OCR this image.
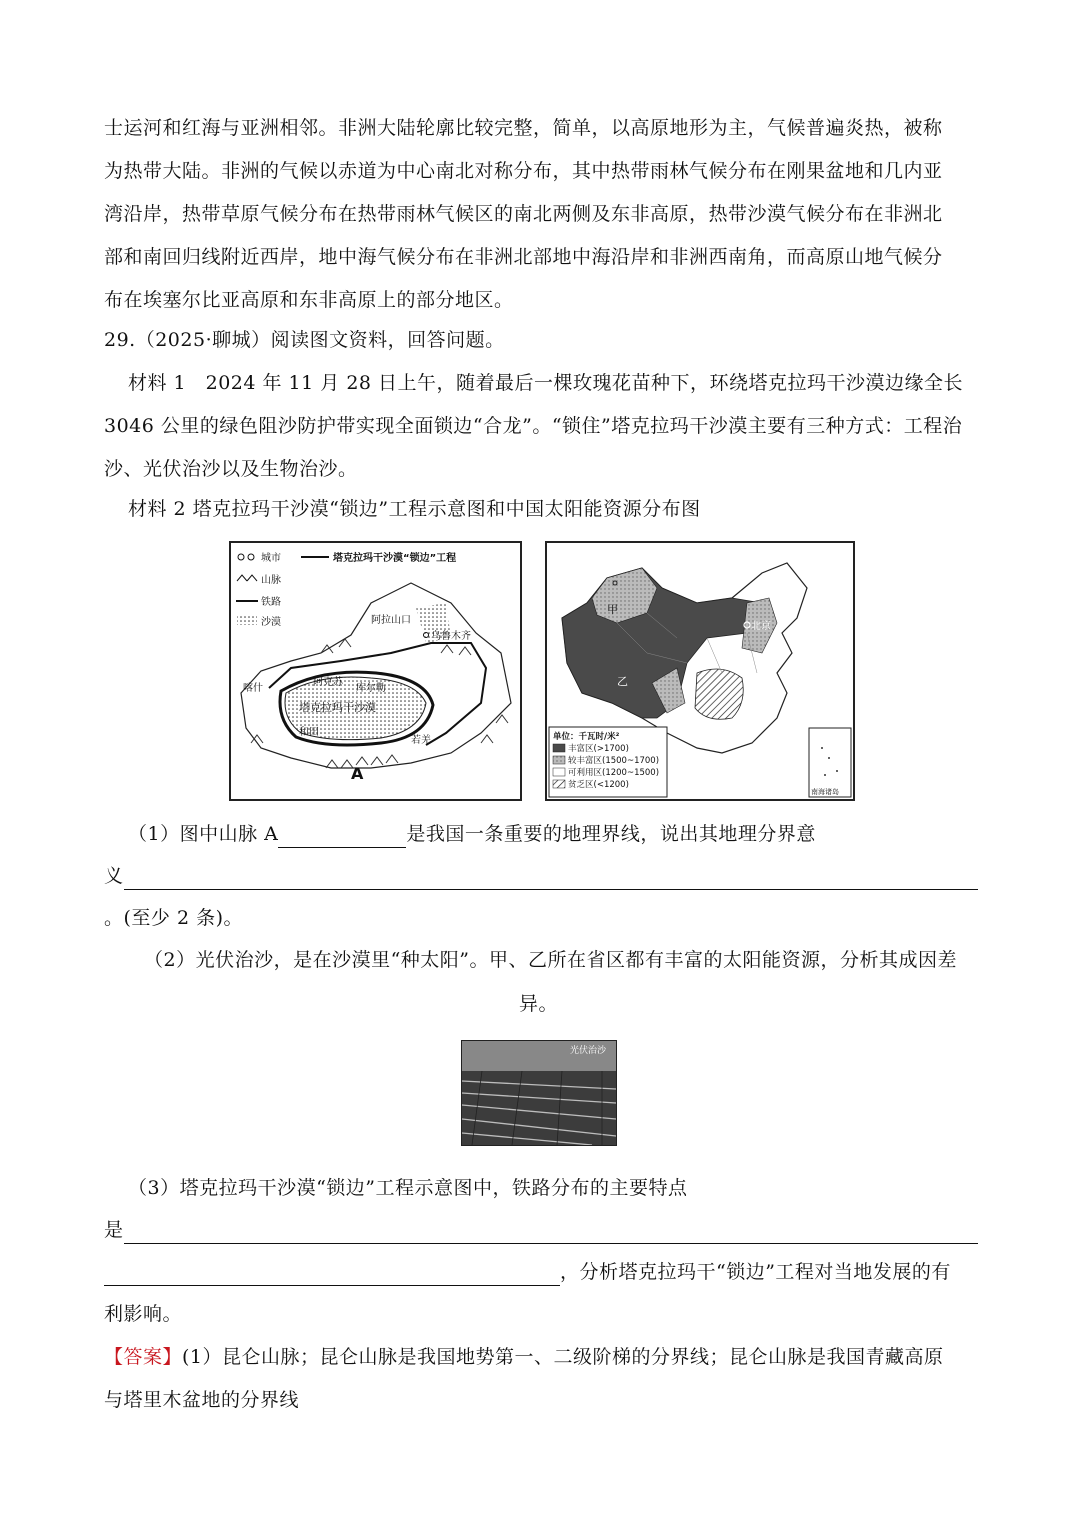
士运河和红海与亚洲相邻。非洲大陆轮廓比较完整，简单，以高原地形为主，气候普遍炎热，被称
为热带大陆。非洲的气候以赤道为中心南北对称分布，其中热带雨林气候分布在刚果盆地和几内亚
湾沿岸，热带草原气候分布在热带雨林气候区的南北两侧及东非高原，热带沙漠气候分布在非洲北
部和南回归线附近西岸，地中海气候分布在非洲北部地中海沿岸和非洲西南角，而高原山地气候分
布在埃塞尔比亚高原和东非高原上的部分地区。
29.（2025·聊城）阅读图文资料，回答问题。
材料 1　2024 年 11 月 28 日上午，随着最后一棵玫瑰花苗种下，环绕塔克拉玛干沙漠边缘全长
3046 公里的绿色阻沙防护带实现全面锁边“合龙”。“锁住”塔克拉玛干沙漠主要有三种方式：工程治
沙、光伏治沙以及生物治沙。
材料 2 塔克拉玛干沙漠“锁边”工程示意图和中国太阳能资源分布图
城市
山脉
铁路
沙漠
塔克拉玛干沙漠“锁边”工程
阿拉山口
乌鲁木齐
喀什
阿克苏
库尔勒
塔克拉玛干沙漠
和田
若羌
A
甲
乙
北京
单位：千瓦时/米²
丰富区(>1700)
较丰富区(1500~1700)
可利用区(1200~1500)
贫乏区(<1200)
南海诸岛
（1）图中山脉 A	是我国一条重要的地理界线，说出其地理分界意
义
。(至少 2 条)。
（2）光伏治沙，是在沙漠里“种太阳”。甲、乙所在省区都有丰富的太阳能资源，分析其成因差
异。
光伏治沙
（3）塔克拉玛干沙漠“锁边”工程示意图中，铁路分布的主要特点
是
，分析塔克拉玛干“锁边”工程对当地发展的有
利影响。
【答案】(1）昆仑山脉；昆仑山脉是我国地势第一、二级阶梯的分界线；昆仑山脉是我国青藏高原
与塔里木盆地的分界线
